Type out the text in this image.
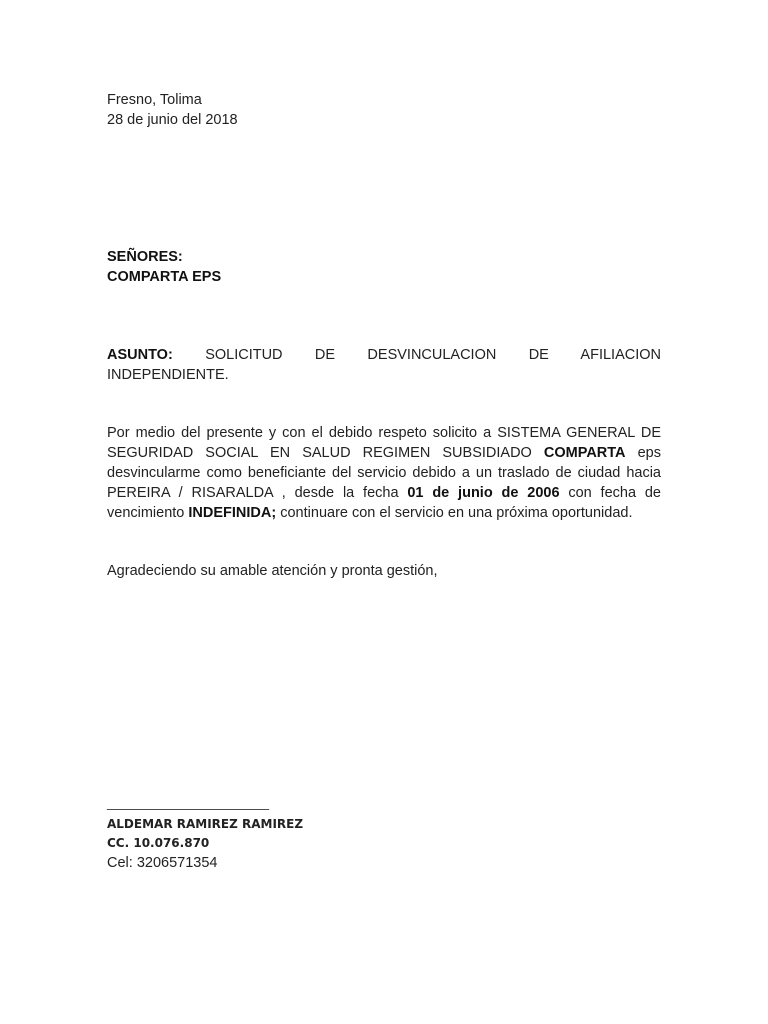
Fresno, Tolima
28 de junio del 2018
SEÑORES:
COMPARTA EPS
ASUNTO: SOLICITUD DE DESVINCULACION DE AFILIACION
INDEPENDIENTE.
Por medio del presente y con el debido respeto solicito a SISTEMA GENERAL DE SEGURIDAD SOCIAL EN SALUD REGIMEN SUBSIDIADO COMPARTA eps desvincularme como beneficiante del servicio debido a un traslado de ciudad hacia PEREIRA / RISARALDA , desde la fecha 01 de junio de 2006 con fecha de vencimiento INDEFINIDA; continuare con el servicio en una próxima oportunidad.
Agradeciendo su amable atención y pronta gestión,
___________________________
ALDEMAR RAMIREZ RAMIREZ
CC. 10.076.870
Cel: 3206571354
